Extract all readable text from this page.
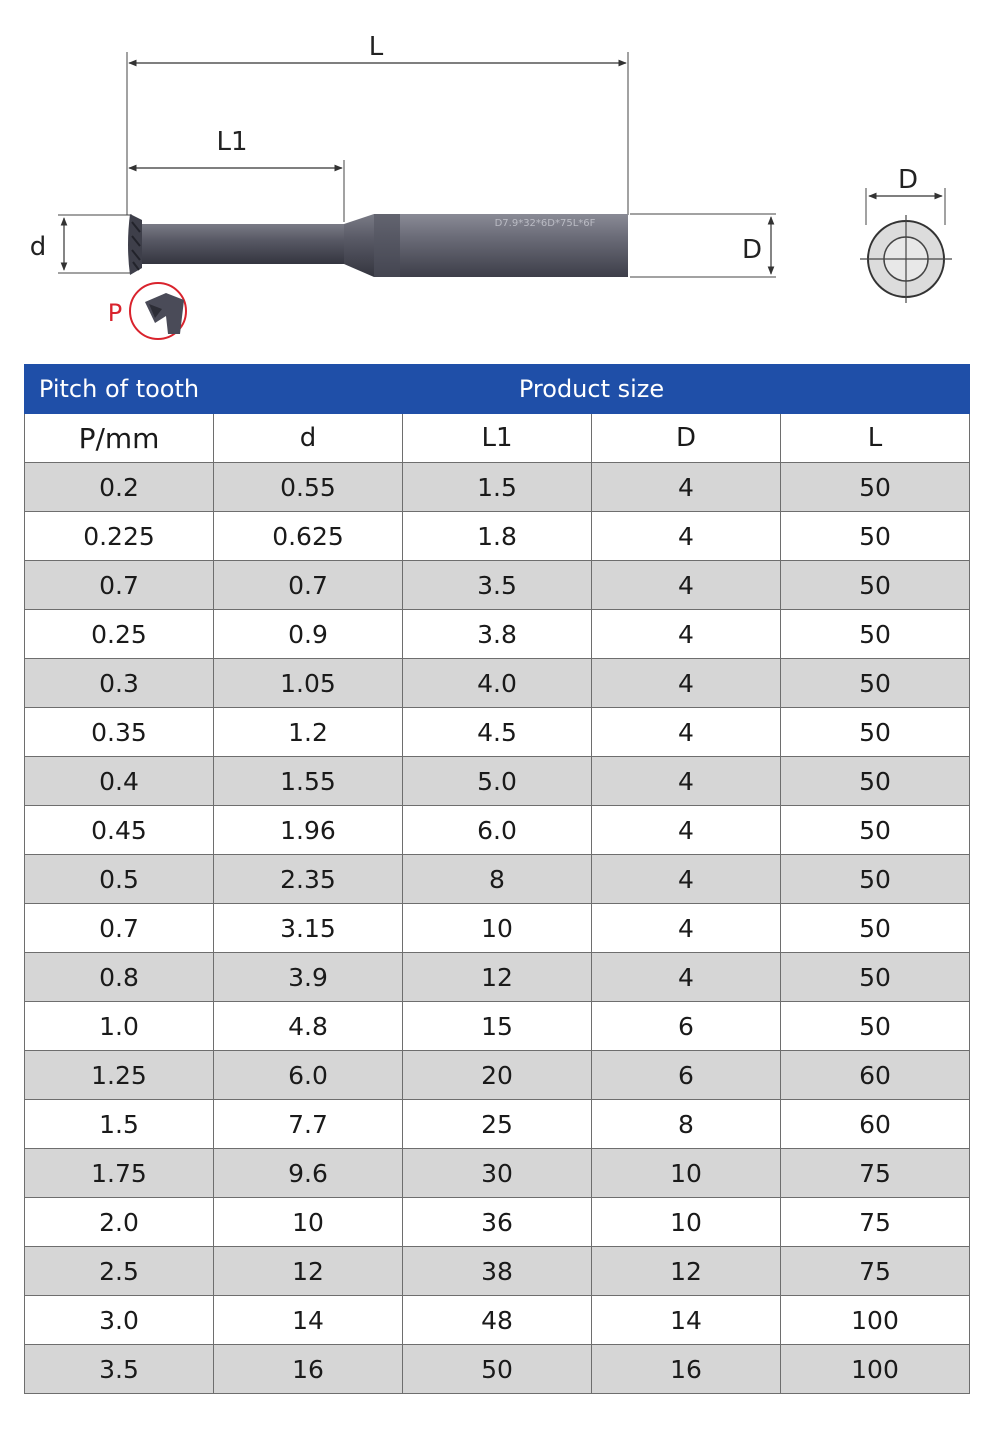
L
L1
d	D
D7.9*32*6D*75L*6F
P
D
Pitch of tooth	Product size			
P/mm	d	L1	D	L
0.2	0.55	1.5	4	50
0.225	0.625	1.8	4	50
0.7	0.7	3.5	4	50
0.25	0.9	3.8	4	50
0.3	1.05	4.0	4	50
0.35	1.2	4.5	4	50
0.4	1.55	5.0	4	50
0.45	1.96	6.0	4	50
0.5	2.35	8	4	50
0.7	3.15	10	4	50
0.8	3.9	12	4	50
1.0	4.8	15	6	50
1.25	6.0	20	6	60
1.5	7.7	25	8	60
1.75	9.6	30	10	75
2.0	10	36	10	75
2.5	12	38	12	75
3.0	14	48	14	100
3.5	16	50	16	100
